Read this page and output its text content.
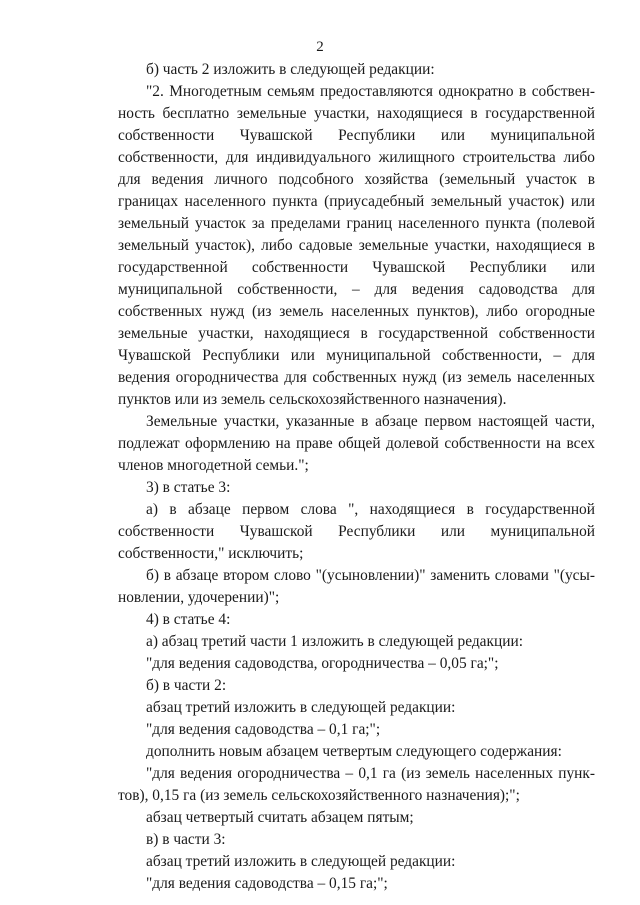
2

б) часть 2 изложить в следующей редакции:

"2. Многодетным семьям предоставляются однократно в собственность бесплатно земельные участки, находящиеся в государственной собственности Чувашской Республики или муниципальной собственности, для индивидуального жилищного строительства либо для ведения личного подсобного хозяйства (земельный участок в границах населенного пункта (приусадебный земельный участок) или земельный участок за пределами границ населенного пункта (полевой земельный участок), либо садовые земельные участки, находящиеся в государственной собственности Чувашской Республики или муниципальной собственности, – для ведения садоводства для собственных нужд (из земель населенных пунктов), либо огородные земельные участки, находящиеся в государственной собственности Чувашской Республики или муниципальной собственности, – для ведения огородничества для собственных нужд (из земель населенных пунктов или из земель сельскохозяйственного назначения).

Земельные участки, указанные в абзаце первом настоящей части, подлежат оформлению на праве общей долевой собственности на всех членов многодетной семьи.";

3) в статье 3:

а) в абзаце первом слова ", находящиеся в государственной собственности Чувашской Республики или муниципальной собственности," исключить;

б) в абзаце втором слово "(усыновлении)" заменить словами "(усыновлении, удочерении)";

4) в статье 4:

а) абзац третий части 1 изложить в следующей редакции:

"для ведения садоводства, огородничества – 0,05 га;";

б) в части 2:

абзац третий изложить в следующей редакции:

"для ведения садоводства – 0,1 га;";

дополнить новым абзацем четвертым следующего содержания:

"для ведения огородничества – 0,1 га (из земель населенных пунктов), 0,15 га (из земель сельскохозяйственного назначения);";

абзац четвертый считать абзацем пятым;

в) в части 3:

абзац третий изложить в следующей редакции:

"для ведения садоводства – 0,15 га;";
